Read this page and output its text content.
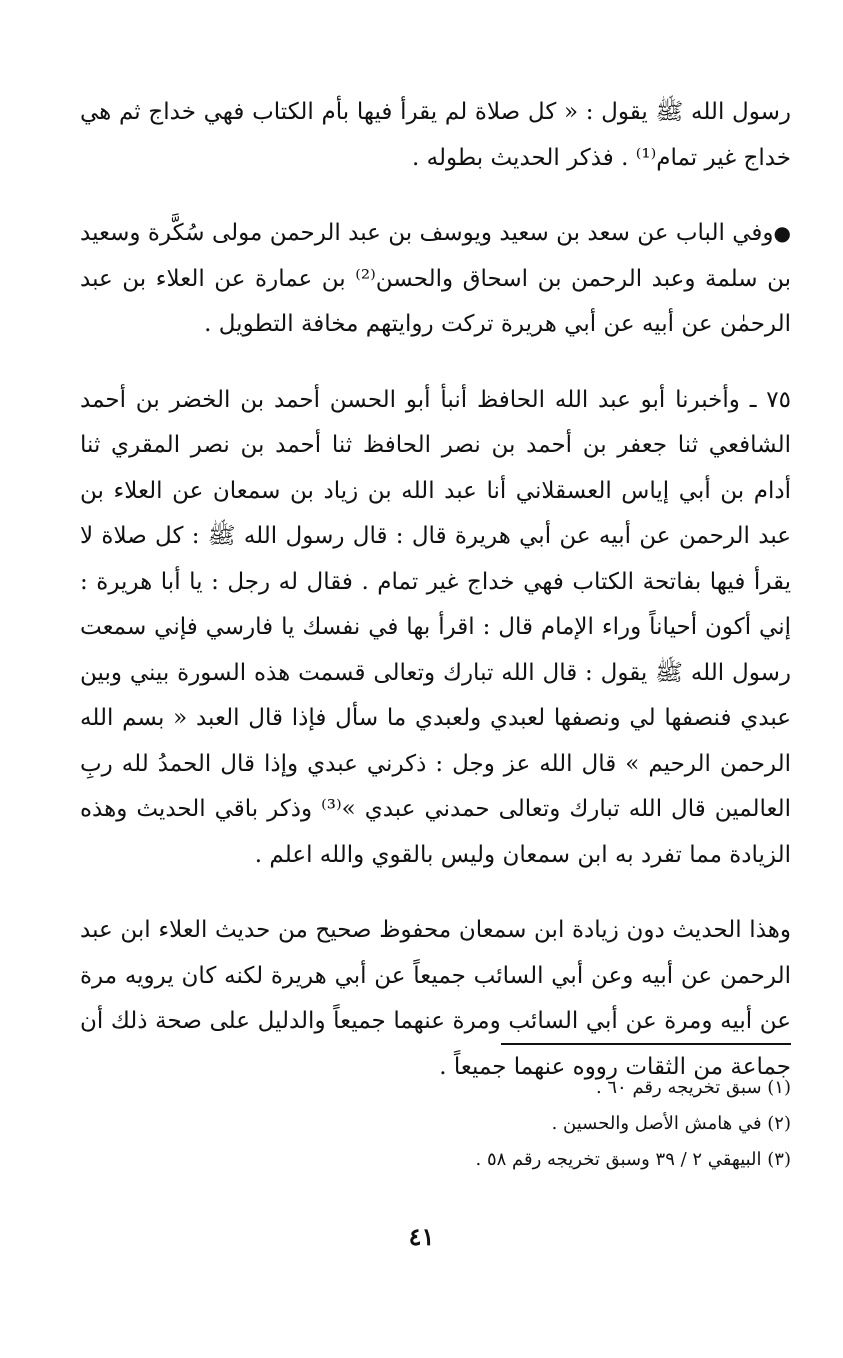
رسول الله ﷺ يقول : « كل صلاة لم يقرأ فيها بأم الكتاب فهي خداج ثم هي خداج غير تمام⁽¹⁾ . فذكر الحديث بطوله .

●وفي الباب عن سعد بن سعيد ويوسف بن عبد الرحمن مولى سُكَّرة وسعيد بن سلمة وعبد الرحمن بن اسحاق والحسن⁽²⁾ بن عمارة عن العلاء بن عبد الرحمٰن عن أبيه عن أبي هريرة تركت روايتهم مخافة التطويل .

٧٥ ـ وأخبرنا أبو عبد الله الحافظ أنبأ أبو الحسن أحمد بن الخضر بن أحمد الشافعي ثنا جعفر بن أحمد بن نصر الحافظ ثنا أحمد بن نصر المقري ثنا أدام بن أبي إياس العسقلاني أنا عبد الله بن زياد بن سمعان عن العلاء بن عبد الرحمن عن أبيه عن أبي هريرة قال : قال رسول الله ﷺ : كل صلاة لا يقرأ فيها بفاتحة الكتاب فهي خداج غير تمام . فقال له رجل : يا أبا هريرة : إني أكون أحياناً وراء الإمام قال : اقرأ بها في نفسك يا فارسي فإني سمعت رسول الله ﷺ يقول : قال الله تبارك وتعالى قسمت هذه السورة بيني وبين عبدي فنصفها لي ونصفها لعبدي ولعبدي ما سأل فإذا قال العبد « بسم الله الرحمن الرحيم » قال الله عز وجل : ذكرني عبدي وإذا قال الحمدُ لله ربِ العالمين قال الله تبارك وتعالى حمدني عبدي »⁽³⁾ وذكر باقي الحديث وهذه الزيادة مما تفرد به ابن سمعان وليس بالقوي والله اعلم .

وهذا الحديث دون زيادة ابن سمعان محفوظ صحيح من حديث العلاء ابن عبد الرحمن عن أبيه وعن أبي السائب جميعاً عن أبي هريرة لكنه كان يرويه مرة عن أبيه ومرة عن أبي السائب ومرة عنهما جميعاً والدليل على صحة ذلك أن جماعة من الثقات رووه عنهما جميعاً .

(١) سبق تخريجه رقم ٦٠ .

(٢) في هامش الأصل والحسين .

(٣) البيهقي ٢ / ٣٩ وسبق تخريجه رقم ٥٨ .

٤١
